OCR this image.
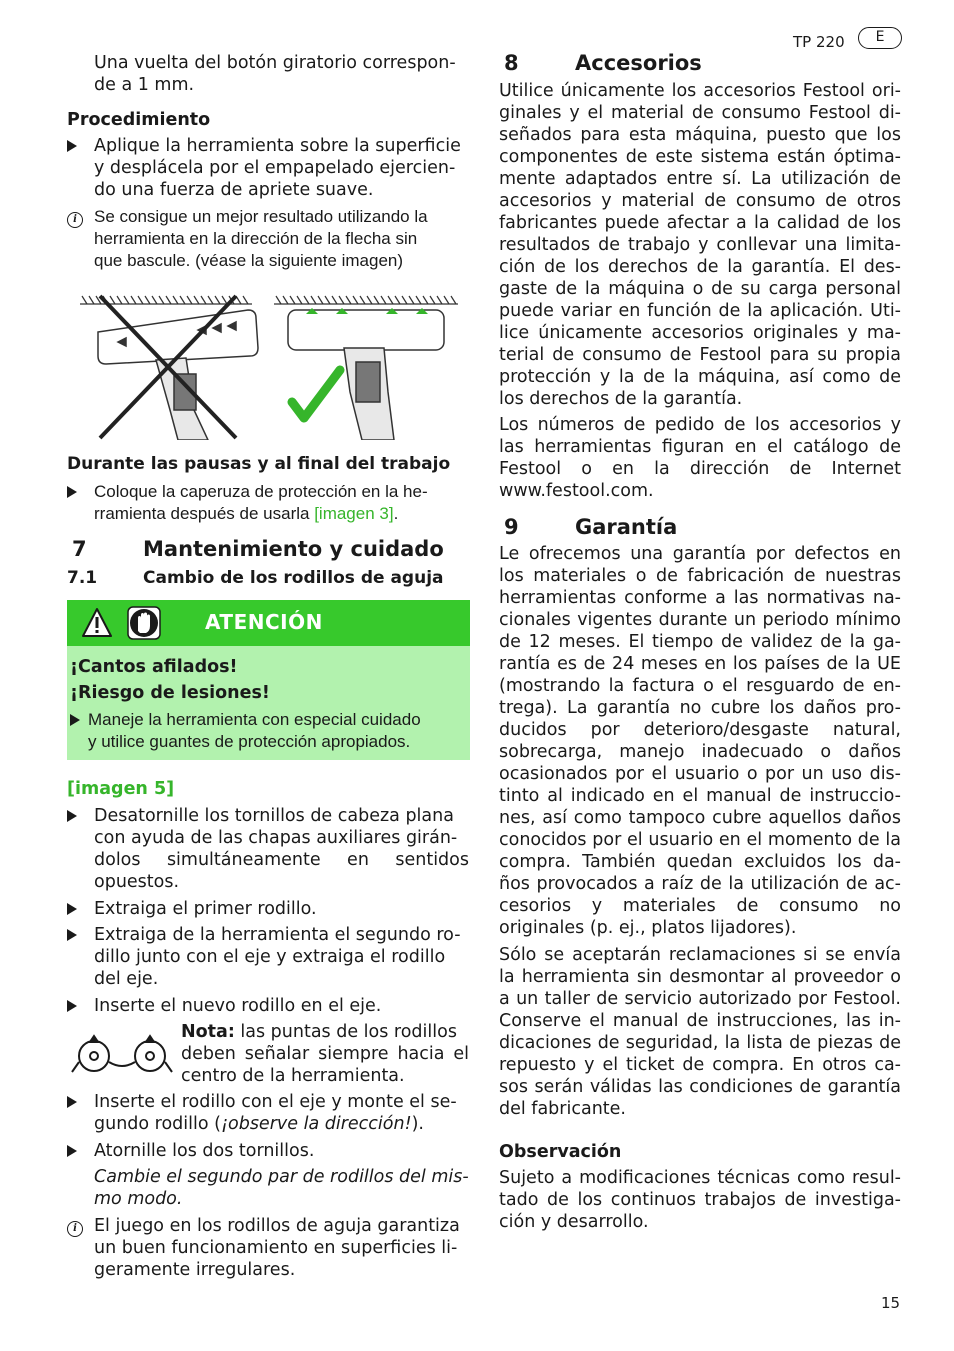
TP 220	E
15
Una vuelta del botón giratorio correspon-
de a 1 mm.
Procedimiento
Aplique la herramienta sobre la superficie
y desplácela por el empapelado ejercien-
do una fuerza de apriete suave.
i	Se consigue un mejor resultado utilizando la
herramienta en la dirección de la flecha sin
que bascule. (véase la siguiente imagen)
Durante las pausas y al final del trabajo
Coloque la caperuza de protección en la he-
rramienta después de usarla [imagen 3].
7	Mantenimiento y cuidado
7.1	Cambio de los rodillos de aguja
ATENCIÓN
¡Cantos afilados!
¡Riesgo de lesiones!
Maneje la herramienta con especial cuidado
y utilice guantes de protección apropiados.
[imagen 5]
Desatornille los tornillos de cabeza plana
con ayuda de las chapas auxiliares girán-
dolos simultáneamente en sentidos
opuestos.
Extraiga el primer rodillo.
Extraiga de la herramienta el segundo ro-
dillo junto con el eje y extraiga el rodillo
del eje.
Inserte el nuevo rodillo en el eje.
Nota: las puntas de los rodillos
deben señalar siempre hacia el
centro de la herramienta.
Inserte el rodillo con el eje y monte el se-
gundo rodillo (¡observe la dirección!).
Atornille los dos tornillos.
Cambie el segundo par de rodillos del mis-
mo modo.
i El juego en los rodillos de aguja garantiza
un buen funcionamiento en superficies li-
geramente irregulares.
8	Accesorios
Utilice únicamente los accesorios Festool ori-
ginales y el material de consumo Festool di-
señados para esta máquina, puesto que los
componentes de este sistema están óptima-
mente adaptados entre sí. La utilización de
accesorios y material de consumo de otros
fabricantes puede afectar a la calidad de los
resultados de trabajo y conllevar una limita-
ción de los derechos de la garantía. El des-
gaste de la máquina o de su carga personal
puede variar en función de la aplicación. Uti-
lice únicamente accesorios originales y ma-
terial de consumo de Festool para su propia
protección y la de la máquina, así como de
los derechos de la garantía.
Los números de pedido de los accesorios y
las herramientas figuran en el catálogo de
Festool o en la dirección de Internet
www.festool.com.
9	Garantía
Le ofrecemos una garantía por defectos en
los materiales o de fabricación de nuestras
herramientas conforme a las normativas na-
cionales vigentes durante un periodo mínimo
de 12 meses. El tiempo de validez de la ga-
rantía es de 24 meses en los países de la UE
(mostrando la factura o el resguardo de en-
trega). La garantía no cubre los daños pro-
ducidos por deterioro/desgaste natural,
sobrecarga, manejo inadecuado o daños
ocasionados por el usuario o por un uso dis-
tinto al indicado en el manual de instruccio-
nes, así como tampoco cubre aquellos daños
conocidos por el usuario en el momento de la
compra. También quedan excluidos los da-
ños provocados a raíz de la utilización de ac-
cesorios y materiales de consumo no
originales (p. ej., platos lijadores).
Sólo se aceptarán reclamaciones si se envía
la herramienta sin desmontar al proveedor o
a un taller de servicio autorizado por Festool.
Conserve el manual de instrucciones, las in-
dicaciones de seguridad, la lista de piezas de
repuesto y el ticket de compra. En otros ca-
sos serán válidas las condiciones de garantía
del fabricante.
Observación
Sujeto a modificaciones técnicas como resul-
tado de los continuos trabajos de investiga-
ción y desarrollo.
